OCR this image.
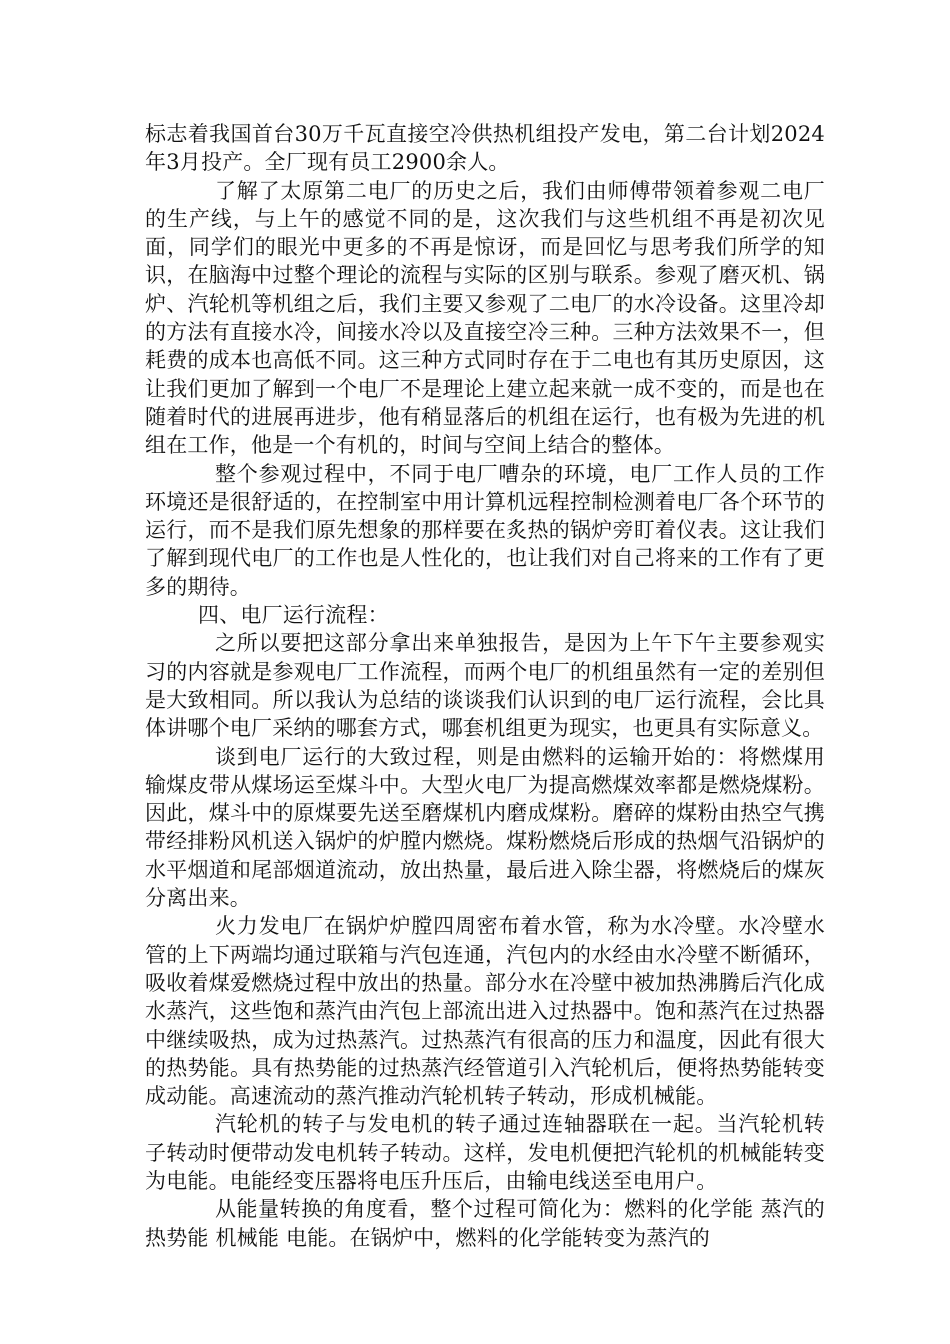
标志着我国首台30万千瓦直接空冷供热机组投产发电，第二台计划2024年3月投产。全厂现有员工2900余人。

了解了太原第二电厂的历史之后，我们由师傅带领着参观二电厂的生产线，与上午的感觉不同的是，这次我们与这些机组不再是初次见面，同学们的眼光中更多的不再是惊讶，而是回忆与思考我们所学的知识，在脑海中过整个理论的流程与实际的区别与联系。参观了磨灭机、锅炉、汽轮机等机组之后，我们主要又参观了二电厂的水冷设备。这里冷却的方法有直接水冷，间接水冷以及直接空冷三种。三种方法效果不一，但耗费的成本也高低不同。这三种方式同时存在于二电也有其历史原因，这让我们更加了解到一个电厂不是理论上建立起来就一成不变的，而是也在随着时代的进展再进步，他有稍显落后的机组在运行，也有极为先进的机组在工作，他是一个有机的，时间与空间上结合的整体。

整个参观过程中，不同于电厂嘈杂的环境，电厂工作人员的工作环境还是很舒适的，在控制室中用计算机远程控制检测着电厂各个环节的运行，而不是我们原先想象的那样要在炙热的锅炉旁盯着仪表。这让我们了解到现代电厂的工作也是人性化的，也让我们对自己将来的工作有了更多的期待。

四、电厂运行流程：

之所以要把这部分拿出来单独报告，是因为上午下午主要参观实习的内容就是参观电厂工作流程，而两个电厂的机组虽然有一定的差别但是大致相同。所以我认为总结的谈谈我们认识到的电厂运行流程，会比具体讲哪个电厂采纳的哪套方式，哪套机组更为现实，也更具有实际意义。

谈到电厂运行的大致过程，则是由燃料的运输开始的：将燃煤用输煤皮带从煤场运至煤斗中。大型火电厂为提高燃煤效率都是燃烧煤粉。因此，煤斗中的原煤要先送至磨煤机内磨成煤粉。磨碎的煤粉由热空气携带经排粉风机送入锅炉的炉膛内燃烧。煤粉燃烧后形成的热烟气沿锅炉的水平烟道和尾部烟道流动，放出热量，最后进入除尘器，将燃烧后的煤灰分离出来。

火力发电厂在锅炉炉膛四周密布着水管，称为水冷壁。水冷壁水管的上下两端均通过联箱与汽包连通，汽包内的水经由水冷壁不断循环，吸收着煤爱燃烧过程中放出的热量。部分水在冷壁中被加热沸腾后汽化成水蒸汽，这些饱和蒸汽由汽包上部流出进入过热器中。饱和蒸汽在过热器中继续吸热，成为过热蒸汽。过热蒸汽有很高的压力和温度，因此有很大的热势能。具有热势能的过热蒸汽经管道引入汽轮机后，便将热势能转变成动能。高速流动的蒸汽推动汽轮机转子转动，形成机械能。

汽轮机的转子与发电机的转子通过连轴器联在一起。当汽轮机转子转动时便带动发电机转子转动。这样，发电机便把汽轮机的机械能转变为电能。电能经变压器将电压升压后，由输电线送至电用户。

从能量转换的角度看，整个过程可简化为：燃料的化学能 蒸汽的热势能 机械能 电能。在锅炉中，燃料的化学能转变为蒸汽的
